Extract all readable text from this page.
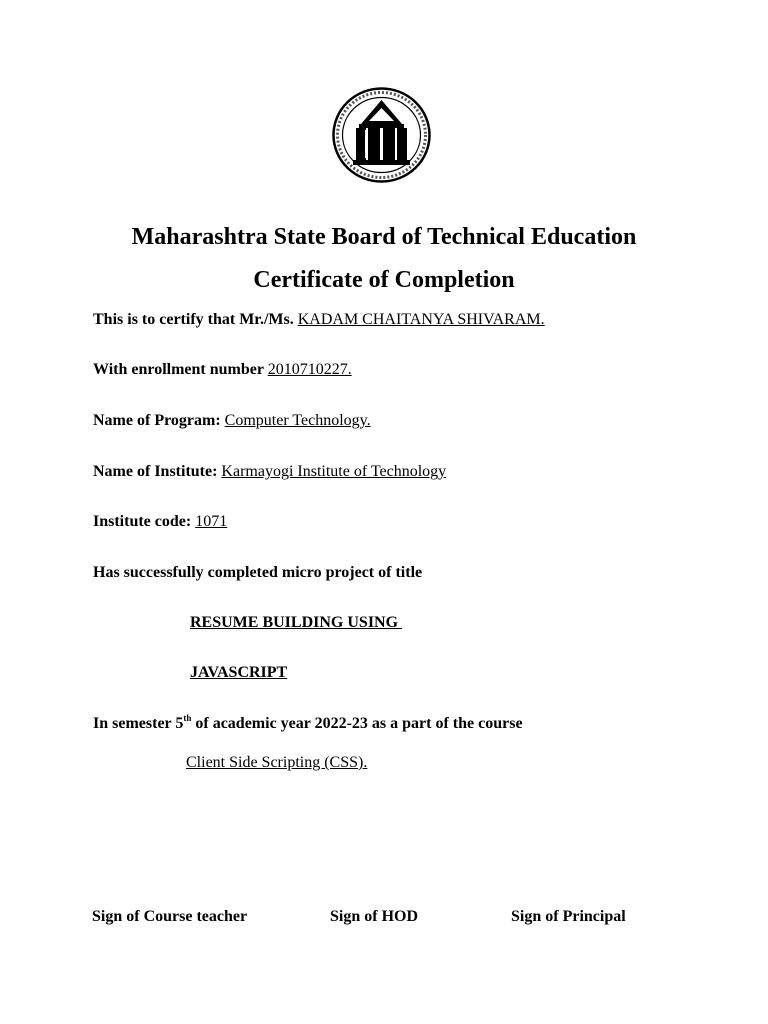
Maharashtra State Board of Technical Education
Certificate of Completion
This is to certify that Mr./Ms. KADAM CHAITANYA SHIVARAM.
With enrollment number 2010710227.
Name of Program: Computer Technology.
Name of Institute: Karmayogi Institute of Technology
Institute code: 1071
Has successfully completed micro project of title
RESUME BUILDING USING
JAVASCRIPT
In semester 5th of academic year 2022-23 as a part of the course
Client Side Scripting (CSS).
Sign of Course teacher	Sign of HOD	Sign of Principal
